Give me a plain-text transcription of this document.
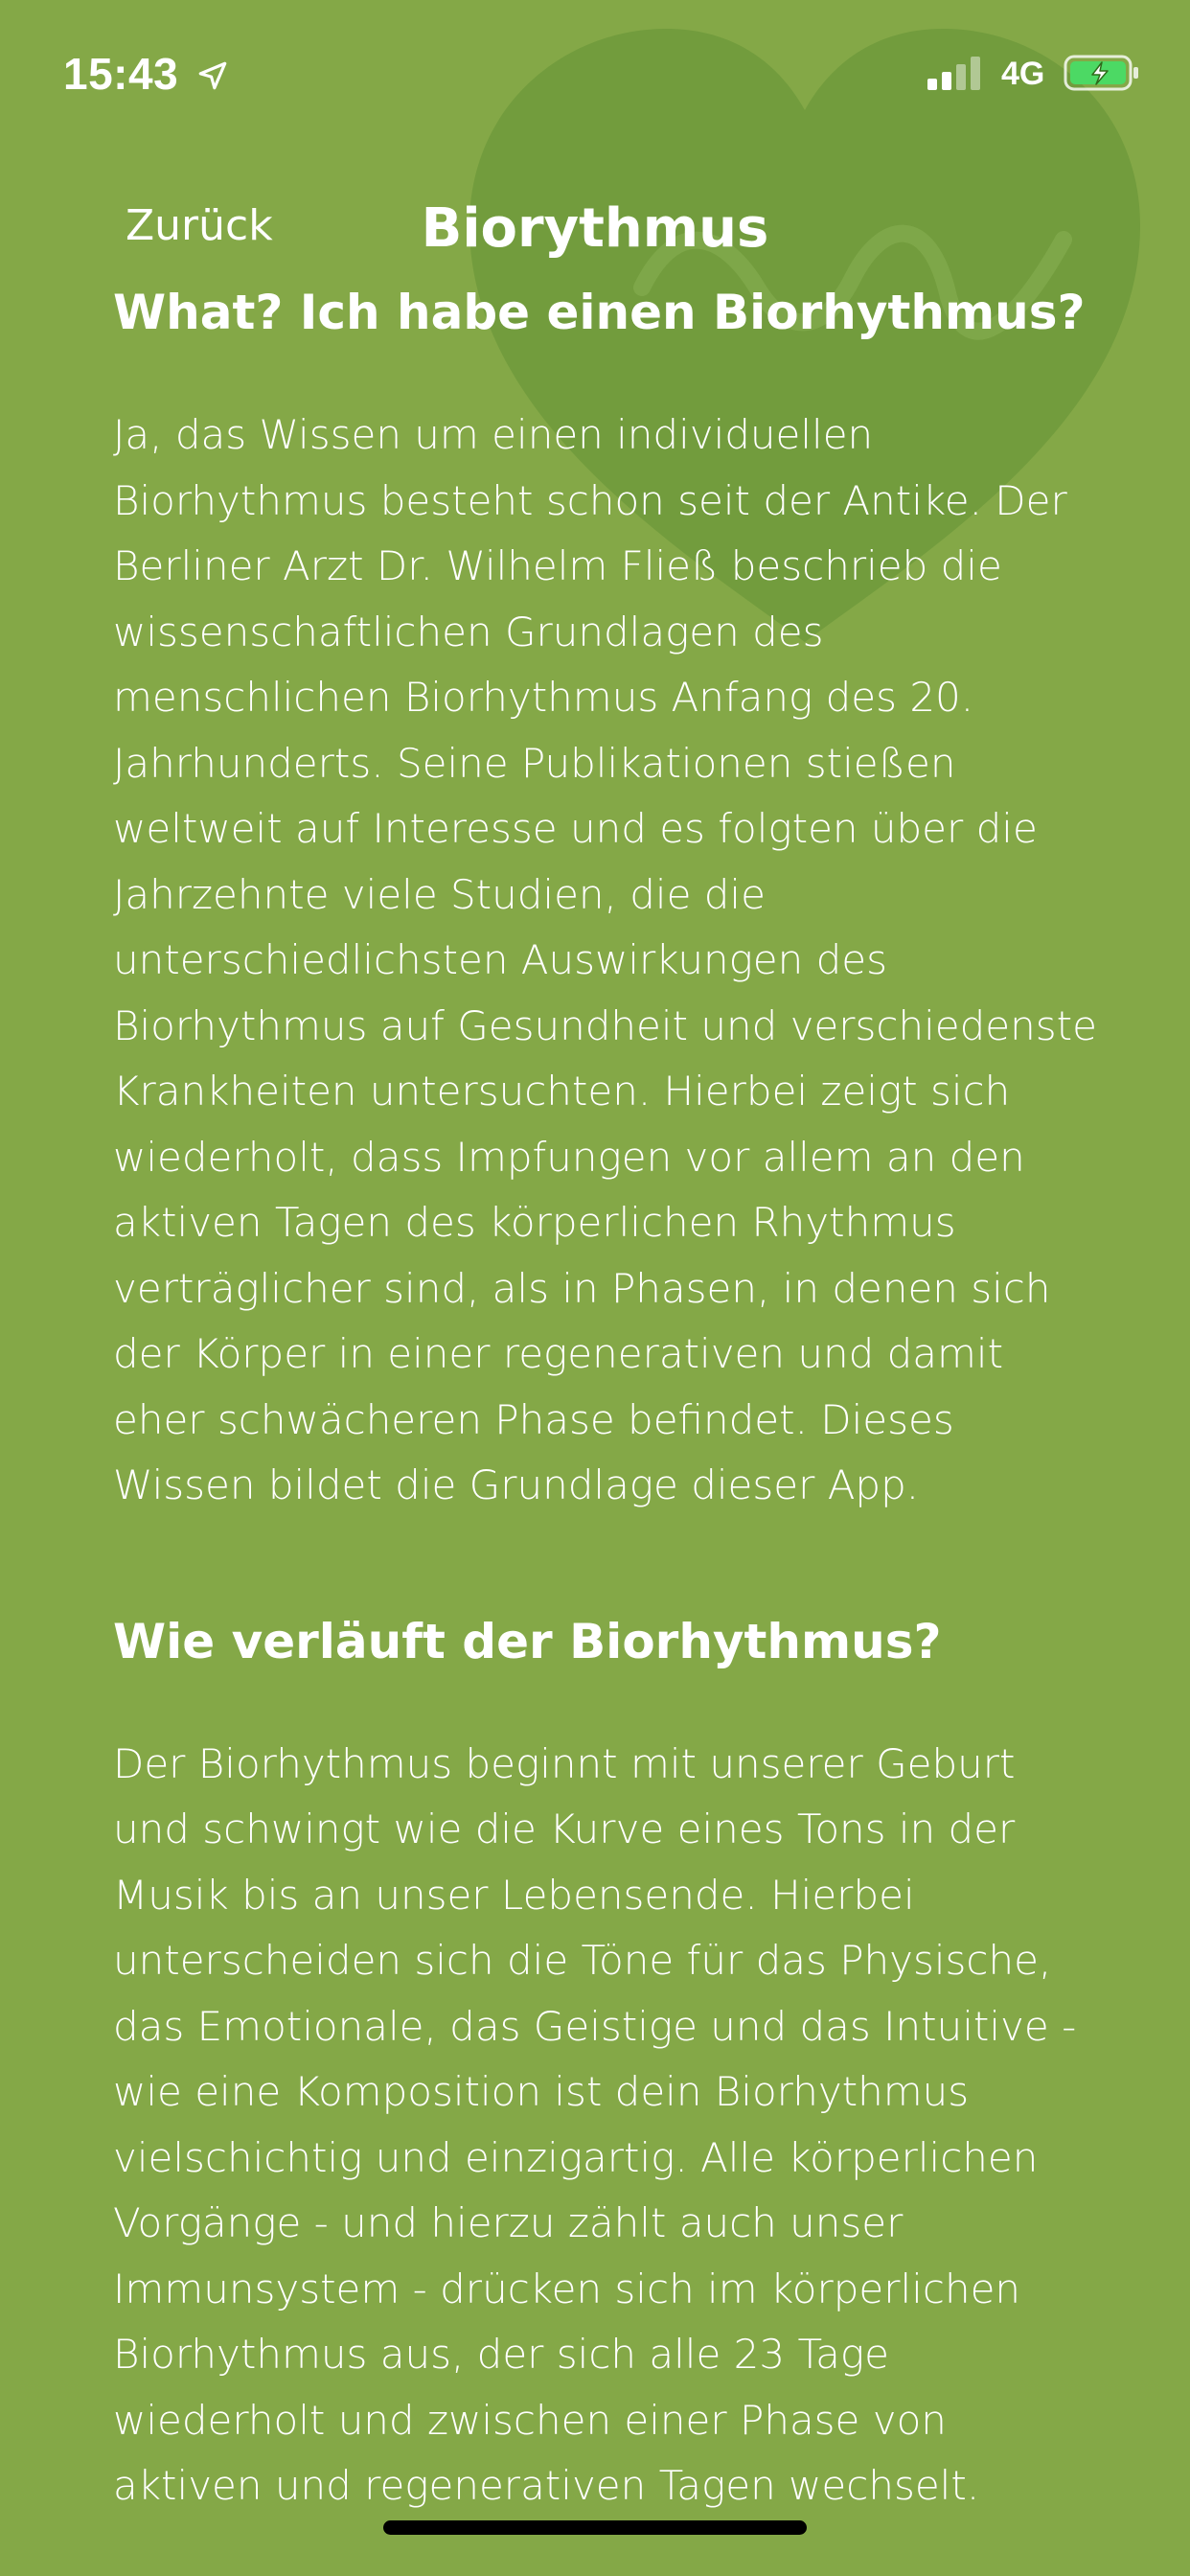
15:43	4G
Zurück	Biorythmus
What? Ich habe einen Biorhythmus?

Ja, das Wissen um einen individuellen Biorhythmus besteht schon seit der Antike. Der Berliner Arzt Dr. Wilhelm Fließ beschrieb die wissenschaftlichen Grundlagen des menschlichen Biorhythmus Anfang des 20. Jahrhunderts. Seine Publikationen stießen weltweit auf Interesse und es folgten über die Jahrzehnte viele Studien, die die unterschiedlichsten Auswirkungen des Biorhythmus auf Gesundheit und verschiedenste Krankheiten untersuchten. Hierbei zeigt sich wiederholt, dass Impfungen vor allem an den aktiven Tagen des körperlichen Rhythmus verträglicher sind, als in Phasen, in denen sich der Körper in einer regenerativen und damit eher schwächeren Phase befindet. Dieses Wissen bildet die Grundlage dieser App.

Wie verläuft der Biorhythmus?

Der Biorhythmus beginnt mit unserer Geburt und schwingt wie die Kurve eines Tons in der Musik bis an unser Lebensende. Hierbei unterscheiden sich die Töne für das Physische, das Emotionale, das Geistige und das Intuitive - wie eine Komposition ist dein Biorhythmus vielschichtig und einzigartig. Alle körperlichen Vorgänge - und hierzu zählt auch unser Immunsystem - drücken sich im körperlichen Biorhythmus aus, der sich alle 23 Tage wiederholt und zwischen einer Phase von aktiven und regenerativen Tagen wechselt.
